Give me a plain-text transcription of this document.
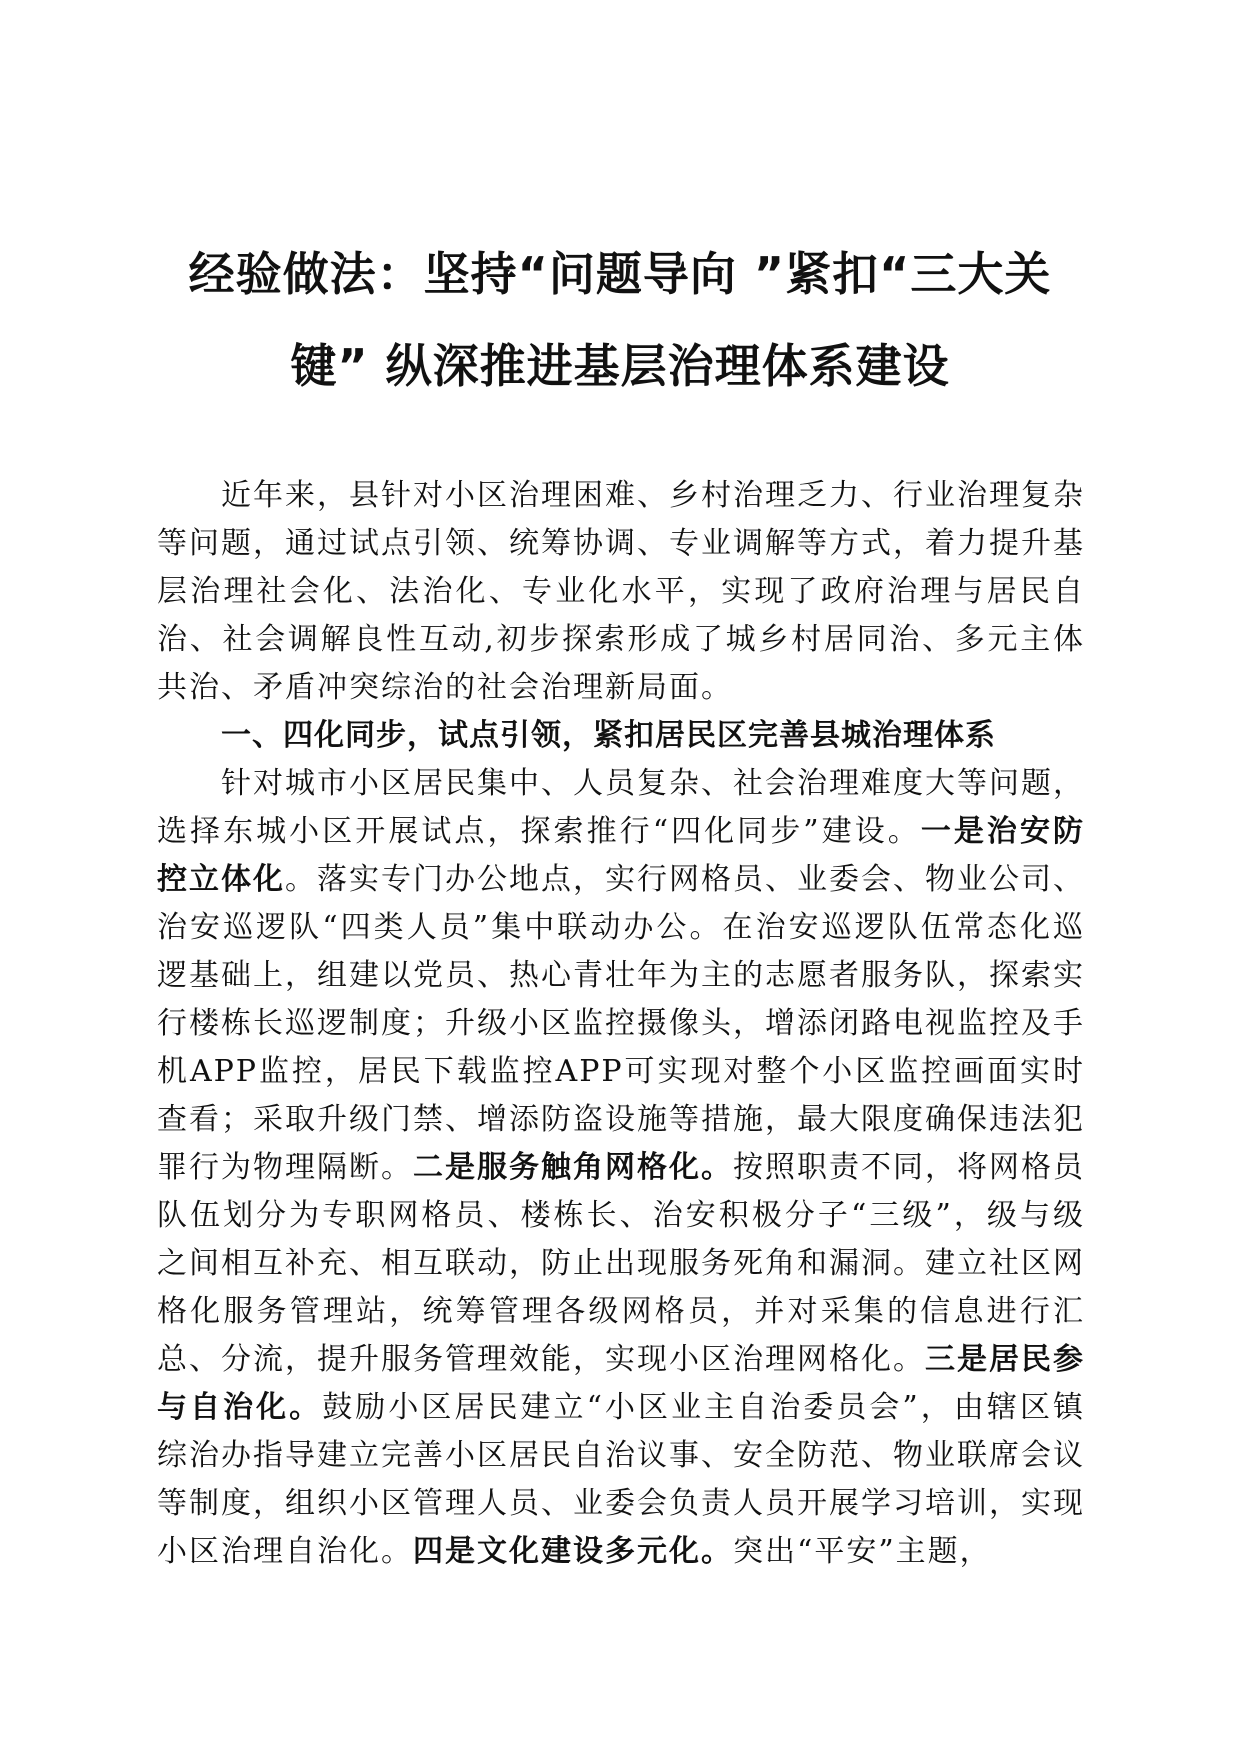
经验做法：坚持“问题导向 ”紧扣“三大关
键” 纵深推进基层治理体系建设

近年来，县针对小区治理困难、乡村治理乏力、行业治理复杂等问题，通过试点引领、统筹协调、专业调解等方式，着力提升基层治理社会化、法治化、专业化水平，实现了政府治理与居民自治、社会调解良性互动,初步探索形成了城乡村居同治、多元主体共治、矛盾冲突综治的社会治理新局面。

一、四化同步，试点引领，紧扣居民区完善县城治理体系

针对城市小区居民集中、人员复杂、社会治理难度大等问题，选择东城小区开展试点，探索推行“四化同步”建设。一是治安防控立体化。落实专门办公地点，实行网格员、业委会、物业公司、治安巡逻队“四类人员”集中联动办公。在治安巡逻队伍常态化巡逻基础上，组建以党员、热心青壮年为主的志愿者服务队，探索实行楼栋长巡逻制度；升级小区监控摄像头，增添闭路电视监控及手机APP监控，居民下载监控APP可实现对整个小区监控画面实时查看；采取升级门禁、增添防盗设施等措施，最大限度确保违法犯罪行为物理隔断。二是服务触角网格化。按照职责不同，将网格员队伍划分为专职网格员、楼栋长、治安积极分子“三级”，级与级之间相互补充、相互联动，防止出现服务死角和漏洞。建立社区网格化服务管理站，统筹管理各级网格员，并对采集的信息进行汇总、分流，提升服务管理效能，实现小区治理网格化。三是居民参与自治化。鼓励小区居民建立“小区业主自治委员会”，由辖区镇综治办指导建立完善小区居民自治议事、安全防范、物业联席会议等制度，组织小区管理人员、业委会负责人员开展学习培训，实现小区治理自治化。四是文化建设多元化。突出“平安”主题，
